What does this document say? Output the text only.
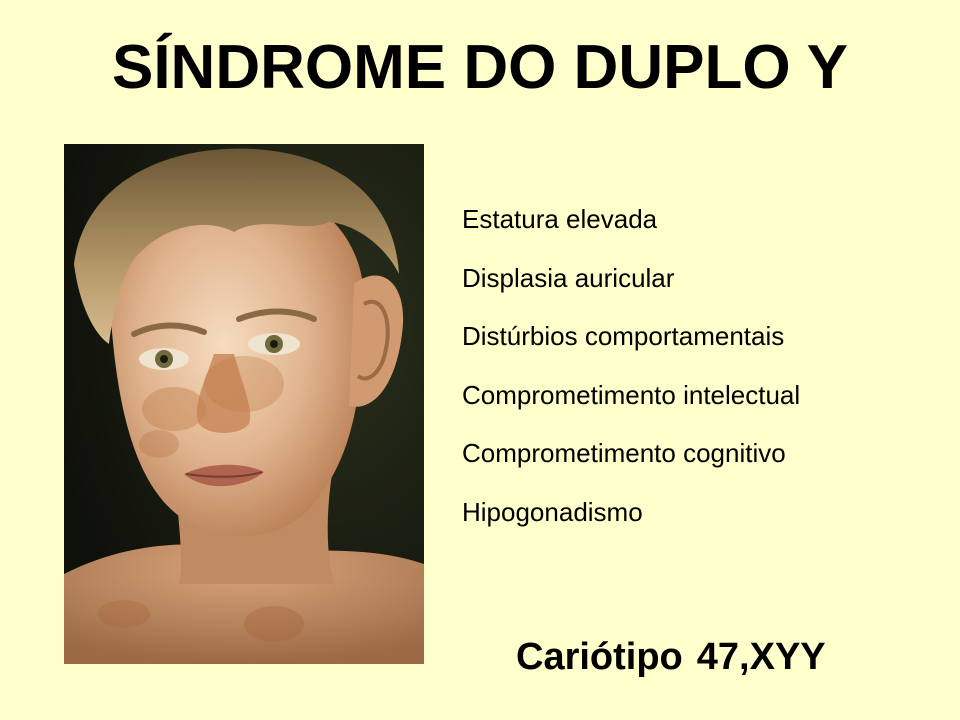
SÍNDROME DO DUPLO Y
Estatura elevada
Displasia auricular
Distúrbios comportamentais
Comprometimento intelectual
Comprometimento cognitivo
Hipogonadismo
Cariótipo 47,XYY
